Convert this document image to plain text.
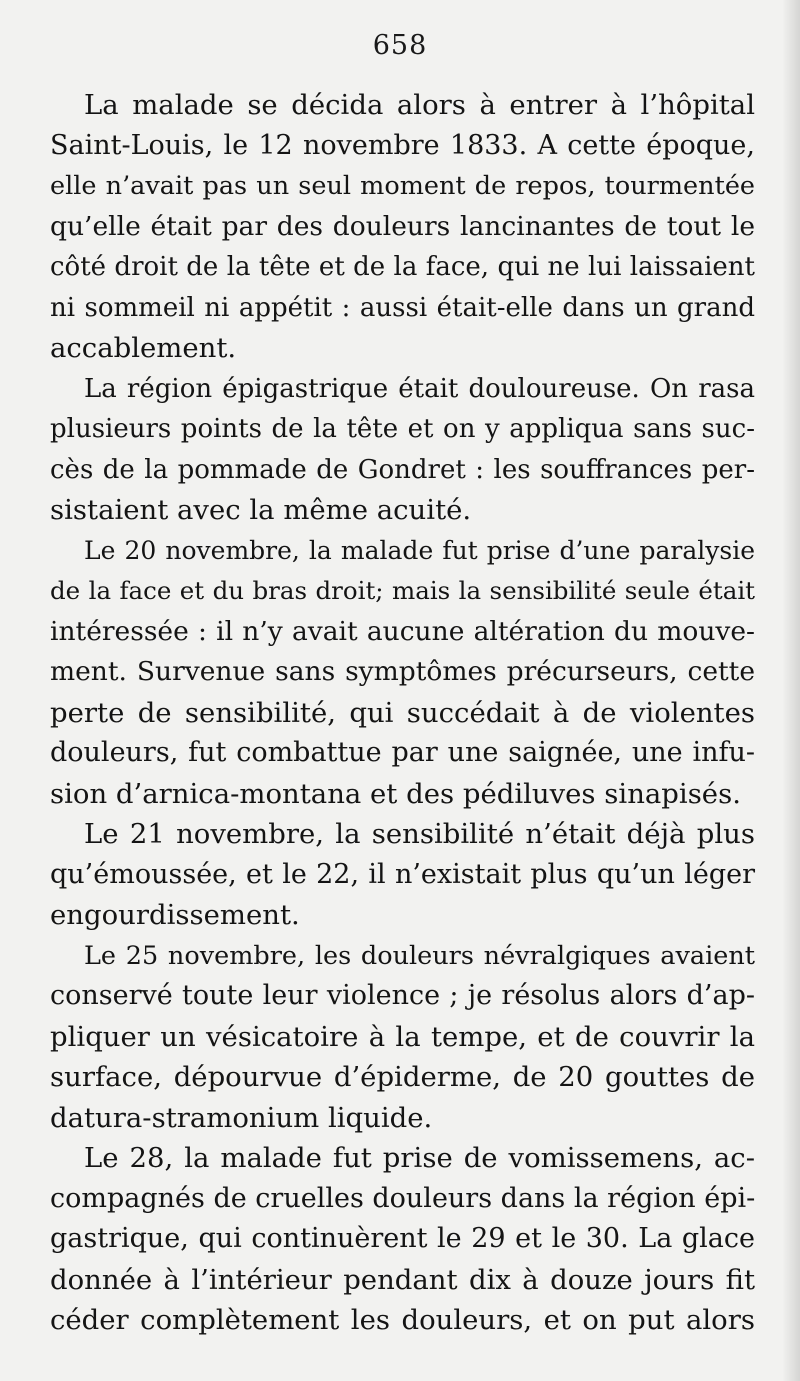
658
La malade se décida alors à entrer à l’hôpital
Saint-Louis, le 12 novembre 1833. A cette époque,
elle n’avait pas un seul moment de repos, tourmentée
qu’elle était par des douleurs lancinantes de tout le
côté droit de la tête et de la face, qui ne lui laissaient
ni sommeil ni appétit : aussi était-elle dans un grand
accablement.
La région épigastrique était douloureuse. On rasa
plusieurs points de la tête et on y appliqua sans suc-
cès de la pommade de Gondret : les souffrances per-
sistaient avec la même acuité.
Le 20 novembre, la malade fut prise d’une paralysie
de la face et du bras droit; mais la sensibilité seule était
intéressée : il n’y avait aucune altération du mouve-
ment. Survenue sans symptômes précurseurs, cette
perte de sensibilité, qui succédait à de violentes
douleurs, fut combattue par une saignée, une infu-
sion d’arnica-montana et des pédiluves sinapisés.
Le 21 novembre, la sensibilité n’était déjà plus
qu’émoussée, et le 22, il n’existait plus qu’un léger
engourdissement.
Le 25 novembre, les douleurs névralgiques avaient
conservé toute leur violence ; je résolus alors d’ap-
pliquer un vésicatoire à la tempe, et de couvrir la
surface, dépourvue d’épiderme, de 20 gouttes de
datura-stramonium liquide.
Le 28, la malade fut prise de vomissemens, ac-
compagnés de cruelles douleurs dans la région épi-
gastrique, qui continuèrent le 29 et le 30. La glace
donnée à l’intérieur pendant dix à douze jours fit
céder complètement les douleurs, et on put alors
